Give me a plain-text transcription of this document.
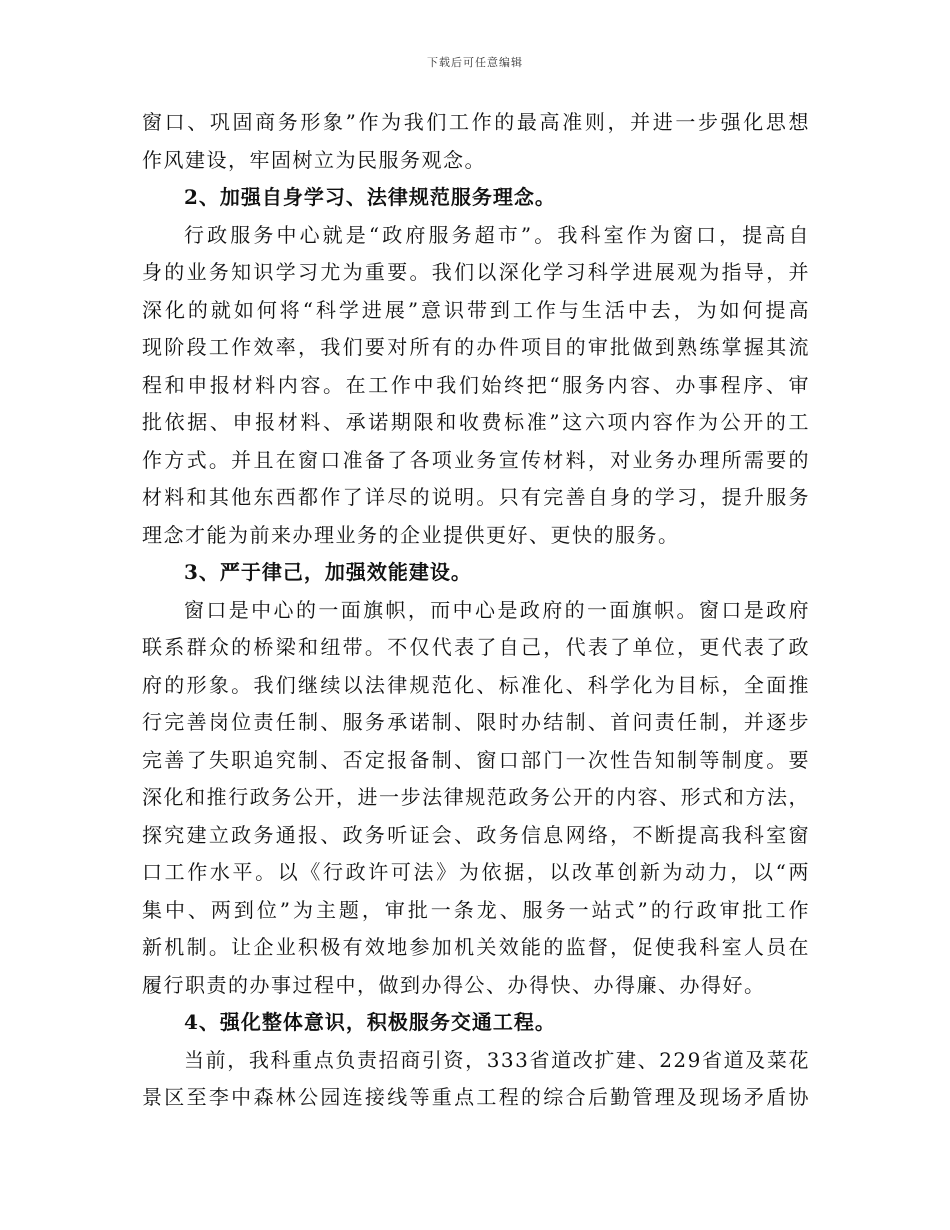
下载后可任意编辑
窗口、巩固商务形象”作为我们工作的最高准则，并进一步强化思想
作风建设，牢固树立为民服务观念。
2、加强自身学习、法律规范服务理念。
行政服务中心就是“政府服务超市”。我科室作为窗口，提高自
身的业务知识学习尤为重要。我们以深化学习科学进展观为指导，并
深化的就如何将“科学进展”意识带到工作与生活中去，为如何提高
现阶段工作效率，我们要对所有的办件项目的审批做到熟练掌握其流
程和申报材料内容。在工作中我们始终把“服务内容、办事程序、审
批依据、申报材料、承诺期限和收费标准”这六项内容作为公开的工
作方式。并且在窗口准备了各项业务宣传材料，对业务办理所需要的
材料和其他东西都作了详尽的说明。只有完善自身的学习，提升服务
理念才能为前来办理业务的企业提供更好、更快的服务。
3、严于律己，加强效能建设。
窗口是中心的一面旗帜，而中心是政府的一面旗帜。窗口是政府
联系群众的桥梁和纽带。不仅代表了自己，代表了单位，更代表了政
府的形象。我们继续以法律规范化、标准化、科学化为目标，全面推
行完善岗位责任制、服务承诺制、限时办结制、首问责任制，并逐步
完善了失职追究制、否定报备制、窗口部门一次性告知制等制度。要
深化和推行政务公开，进一步法律规范政务公开的内容、形式和方法，
探究建立政务通报、政务听证会、政务信息网络，不断提高我科室窗
口工作水平。以《行政许可法》为依据，以改革创新为动力，以“两
集中、两到位”为主题，审批一条龙、服务一站式”的行政审批工作
新机制。让企业积极有效地参加机关效能的监督，促使我科室人员在
履行职责的办事过程中，做到办得公、办得快、办得廉、办得好。
4、强化整体意识，积极服务交通工程。
当前，我科重点负责招商引资，333省道改扩建、229省道及菜花
景区至李中森林公园连接线等重点工程的综合后勤管理及现场矛盾协
